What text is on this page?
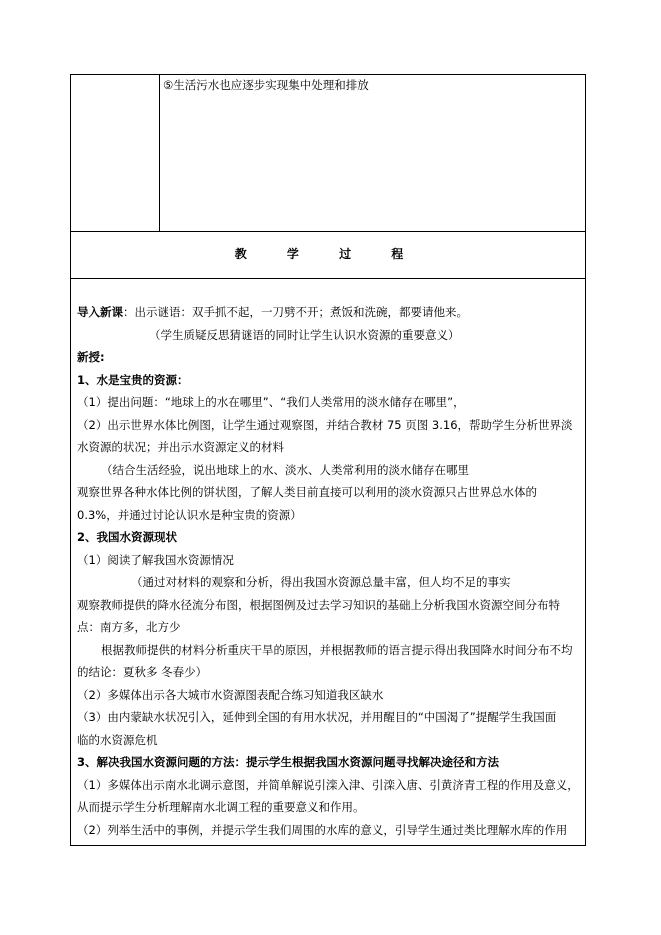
⑤生活污水也应逐步实现集中处理和排放
教 学 过 程
导入新课：出示谜语：双手抓不起，一刀劈不开；煮饭和洗碗，都要请他来。
（学生质疑反思猜谜语的同时让学生认识水资源的重要意义）
新授:
1、水是宝贵的资源：
（1）提出问题：“地球上的水在哪里”、“我们人类常用的淡水储存在哪里”，
（2）出示世界水体比例图，让学生通过观察图，并结合教材 75 页图 3.16，帮助学生分析世界淡
水资源的状况；并出示水资源定义的材料
（结合生活经验，说出地球上的水、淡水、人类常利用的淡水储存在哪里
观察世界各种水体比例的饼状图，了解人类目前直接可以利用的淡水资源只占世界总水体的
0.3%，并通过讨论认识水是种宝贵的资源）
2、我国水资源现状
（1）阅读了解我国水资源情况
（通过对材料的观察和分析，得出我国水资源总量丰富，但人均不足的事实
观察教师提供的降水径流分布图，根据图例及过去学习知识的基础上分析我国水资源空间分布特
点：南方多，北方少
根据教师提供的材料分析重庆干旱的原因，并根据教师的语言提示得出我国降水时间分布不均
的结论：夏秋多 冬春少）
（2）多媒体出示各大城市水资源图表配合练习知道我区缺水
（3）由内蒙缺水状况引入，延伸到全国的有用水状况，并用醒目的“中国渴了”提醒学生我国面
临的水资源危机
3、解决我国水资源问题的方法：提示学生根据我国水资源问题寻找解决途径和方法
（1）多媒体出示南水北调示意图，并简单解说引滦入津、引滦入唐、引黄济青工程的作用及意义，
从而提示学生分析理解南水北调工程的重要意义和作用。
（2）列举生活中的事例，并提示学生我们周围的水库的意义，引导学生通过类比理解水库的作用
